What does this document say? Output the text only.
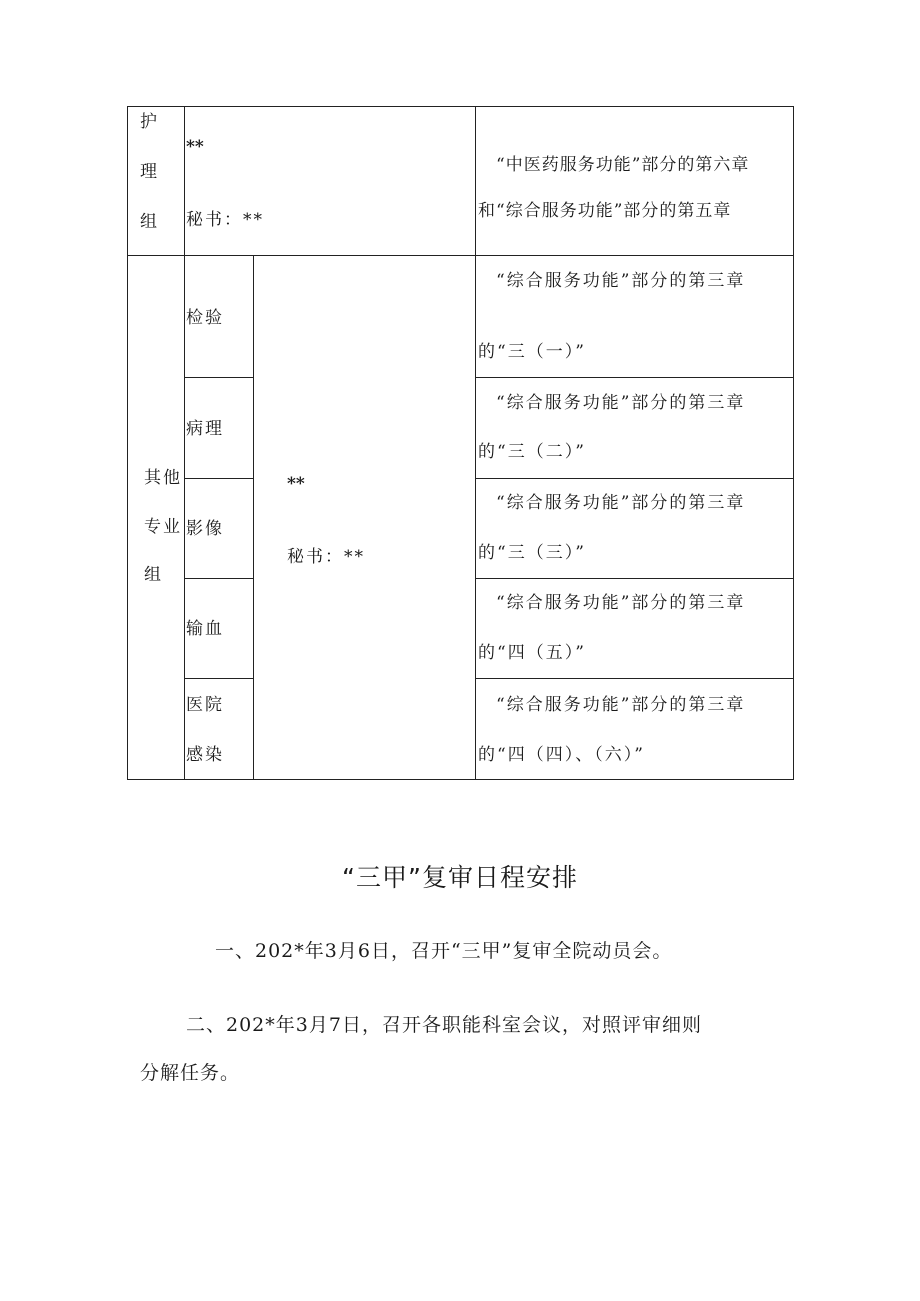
护
理
组
**
秘书：**
“中医药服务功能”部分的第六章
和“综合服务功能”部分的第五章
其他
专业
组
**
秘书：**
检验
“综合服务功能”部分的第三章
的“三（一）”
病理
“综合服务功能”部分的第三章
的“三（二）”
影像
“综合服务功能”部分的第三章
的“三（三）”
输血
“综合服务功能”部分的第三章
的“四（五）”
医院
感染
“综合服务功能”部分的第三章
的“四（四）、（六）”
“三甲”复审日程安排
一、202*年3月6日，召开“三甲”复审全院动员会。
二、202*年3月7日，召开各职能科室会议，对照评审细则
分解任务。
